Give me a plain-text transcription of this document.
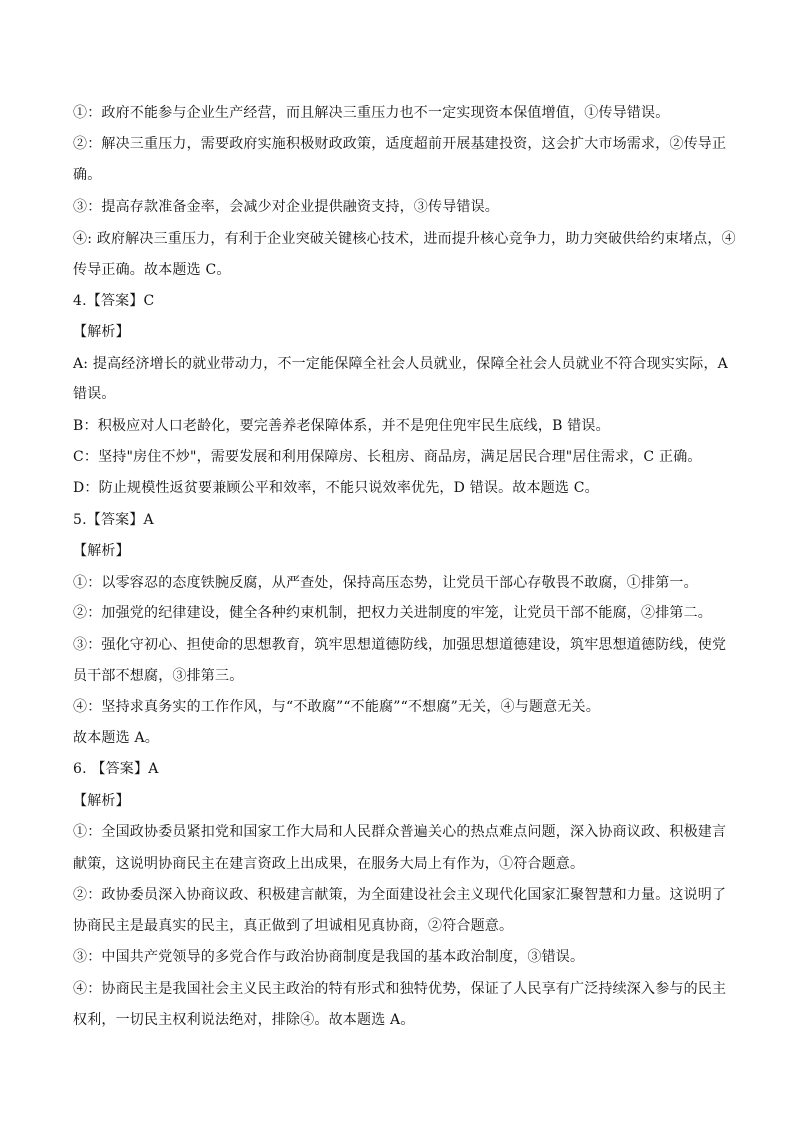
①：政府不能参与企业生产经营，而且解决三重压力也不一定实现资本保值增值，①传导错误。
②：解决三重压力，需要政府实施积极财政政策，适度超前开展基建投资，这会扩大市场需求，②传导正
确。
③：提高存款准备金率，会减少对企业提供融资支持，③传导错误。
④: 政府解决三重压力，有利于企业突破关键核心技术，进而提升核心竞争力，助力突破供给约束堵点，④
传导正确。故本题选 C。
4.【答案】C
【解析】
A: 提高经济增长的就业带动力，不一定能保障全社会人员就业，保障全社会人员就业不符合现实实际，A
错误。
B：积极应对人口老龄化，要完善养老保障体系，并不是兜住兜牢民生底线，B 错误。
C：坚持"房住不炒"，需要发展和利用保障房、长租房、商品房，满足居民合理"居住需求，C 正确。
D：防止规模性返贫要兼顾公平和效率，不能只说效率优先，D 错误。故本题选 C。
5.【答案】A
【解析】
①：以零容忍的态度铁腕反腐，从严查处，保持高压态势，让党员干部心存敬畏不敢腐，①排第一。
②：加强党的纪律建设，健全各种约束机制，把权力关进制度的牢笼，让党员干部不能腐，②排第二。
③：强化守初心、担使命的思想教育，筑牢思想道德防线，加强思想道德建设，筑牢思想道德防线，使党
员干部不想腐，③排第三。
④：坚持求真务实的工作作风，与“不敢腐”“不能腐”“不想腐”无关，④与题意无关。
故本题选 A。
6. 【答案】A
【解析】
①：全国政协委员紧扣党和国家工作大局和人民群众普遍关心的热点难点问题，深入协商议政、积极建言
献策，这说明协商民主在建言资政上出成果，在服务大局上有作为，①符合题意。
②：政协委员深入协商议政、积极建言献策，为全面建设社会主义现代化国家汇聚智慧和力量。这说明了
协商民主是最真实的民主，真正做到了坦诚相见真协商，②符合题意。
③：中国共产党领导的多党合作与政治协商制度是我国的基本政治制度，③错误。
④：协商民主是我国社会主义民主政治的特有形式和独特优势，保证了人民享有广泛持续深入参与的民主
权利，一切民主权利说法绝对，排除④。故本题选 A。
